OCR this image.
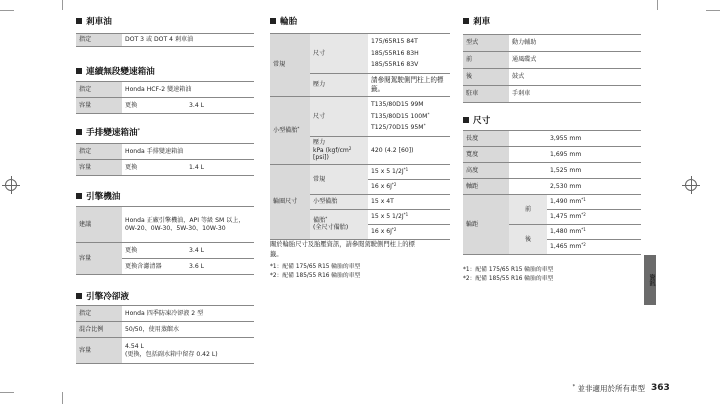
剎車油
指定	DOT 3 或 DOT 4 剎車油
連續無段變速箱油
指定	Honda HCF-2 變速箱油	
容量	更換	3.4 L
手排變速箱油*
指定	Honda 手排變速箱油	
容量	更換	1.4 L
引擎機油
建議	Honda 正廠引擎機油，API 等級 SM 以上，0W-20、0W-30、5W-30、10W-30	
容量	更換	3.4 L
	更換含濾清器	3.6 L
引擎冷卻液
指定	Honda 四季防凍冷卻液 2 型
混合比例	50/50，使用蒸餾水
容量	4.54 L
(更換，包括副水箱中留存 0.42 L)
輪胎
常規	尺寸	175/65R15 84T
185/55R16 83H
185/55R16 83V

	壓力	請參閱駕駛側門柱上的標籤。
小型備胎*	尺寸	T135/80D15 99M
T135/80D15 100M*
T125/70D15 95M*

	壓力
kPa ($kgf/cm^2$ [psi])	420 (4.2 [60])
輪圈尺寸	常規	15 x 5 $1/2J^{*1}$
		16 x $6J^{*2}$
	小型備胎	15 x 4T

	備胎*
(全尺寸備胎)	15 x 5 $1/2J^{*1}$
		16 x $6J^{*2}$
關於輪胎尺寸及胎壓資訊，請參閱駕駛側門柱上的標
籤。
*1：配備 175/65 R15 輪胎的車型
*2：配備 185/55 R16 輪胎的車型
剎車
型式	動力輔助
前	通風碟式
後	鼓式
駐車	手剎車
尺寸
長度	3,955 mm	
寬度	1,695 mm	
高度	1,525 mm	
軸距	2,530 mm	
輪距	前	1,490 $mm^{*1}$
		1,475 $mm^{*2}$
	後	1,480 $mm^{*1}$
		1,465 $mm^{*2}$
*1：配備 175/65 R15 輪胎的車型
*2：配備 185/55 R16 輪胎的車型	資訊
* 並非適用於所有車型 363
